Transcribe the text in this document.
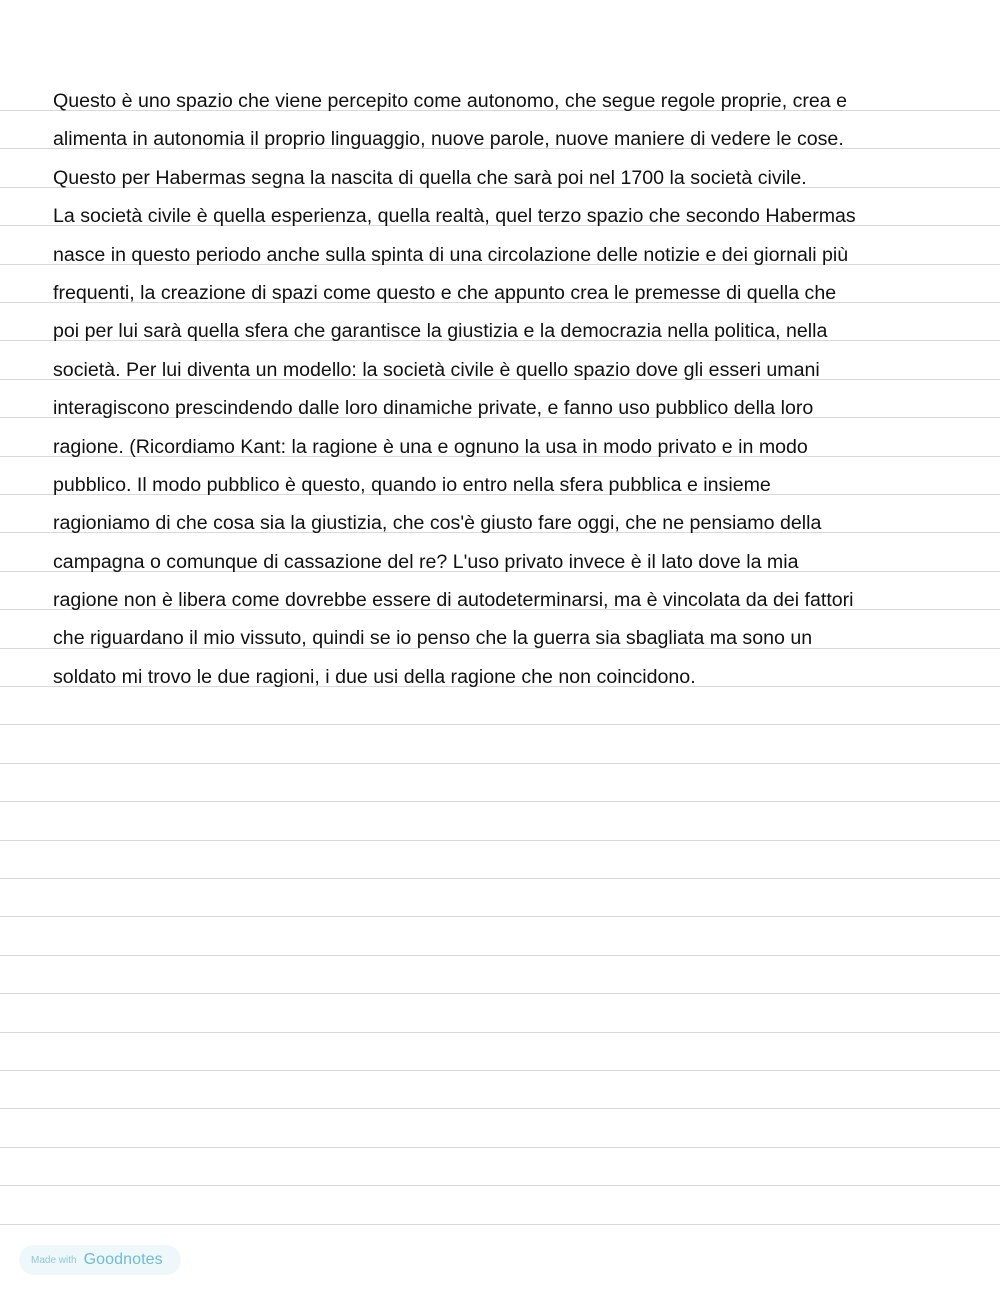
Questo è uno spazio che viene percepito come autonomo, che segue regole proprie, crea e
alimenta in autonomia il proprio linguaggio, nuove parole, nuove maniere di vedere le cose.
Questo per Habermas segna la nascita di quella che sarà poi nel 1700 la società civile.
La società civile è quella esperienza, quella realtà, quel terzo spazio che secondo Habermas
nasce in questo periodo anche sulla spinta di una circolazione delle notizie e dei giornali più
frequenti, la creazione di spazi come questo e che appunto crea le premesse di quella che
poi per lui sarà quella sfera che garantisce la giustizia e la democrazia nella politica, nella
società. Per lui diventa un modello: la società civile è quello spazio dove gli esseri umani
interagiscono prescindendo dalle loro dinamiche private, e fanno uso pubblico della loro
ragione. (Ricordiamo Kant: la ragione è una e ognuno la usa in modo privato e in modo
pubblico. Il modo pubblico è questo, quando io entro nella sfera pubblica e insieme
ragioniamo di che cosa sia la giustizia, che cos'è giusto fare oggi, che ne pensiamo della
campagna o comunque di cassazione del re? L'uso privato invece è il lato dove la mia
ragione non è libera come dovrebbe essere di autodeterminarsi, ma è vincolata da dei fattori
che riguardano il mio vissuto, quindi se io penso che la guerra sia sbagliata ma sono un
soldato mi trovo le due ragioni, i due usi della ragione che non coincidono.
Made with Goodnotes
